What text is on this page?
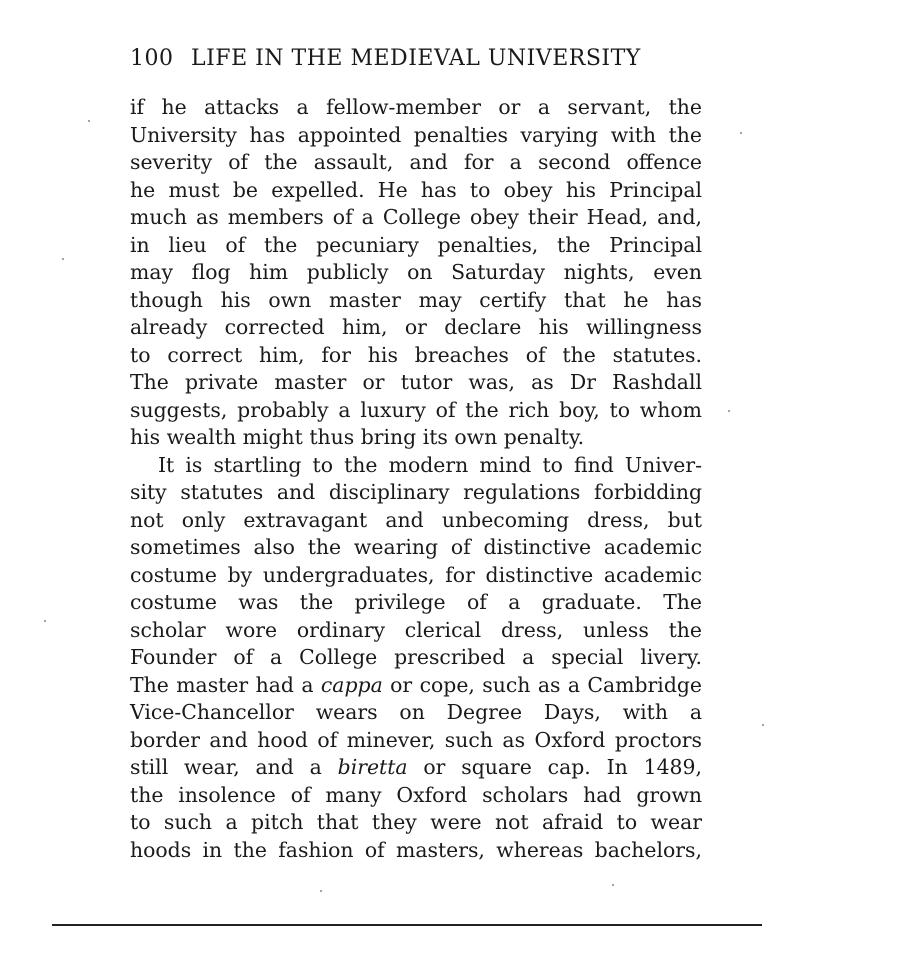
100 LIFE IN THE MEDIEVAL UNIVERSITY
if he attacks a fellow-member or a servant, the
University has appointed penalties varying with the
severity of the assault, and for a second offence
he must be expelled. He has to obey his Principal
much as members of a College obey their Head, and,
in lieu of the pecuniary penalties, the Principal
may flog him publicly on Saturday nights, even
though his own master may certify that he has
already corrected him, or declare his willingness
to correct him, for his breaches of the statutes.
The private master or tutor was, as Dr Rashdall
suggests, probably a luxury of the rich boy, to whom
his wealth might thus bring its own penalty.
It is startling to the modern mind to find Univer-
sity statutes and disciplinary regulations forbidding
not only extravagant and unbecoming dress, but
sometimes also the wearing of distinctive academic
costume by undergraduates, for distinctive academic
costume was the privilege of a graduate. The
scholar wore ordinary clerical dress, unless the
Founder of a College prescribed a special livery.
The master had a cappa or cope, such as a Cambridge
Vice-Chancellor wears on Degree Days, with a
border and hood of minever, such as Oxford proctors
still wear, and a biretta or square cap. In 1489,
the insolence of many Oxford scholars had grown
to such a pitch that they were not afraid to wear
hoods in the fashion of masters, whereas bachelors,
